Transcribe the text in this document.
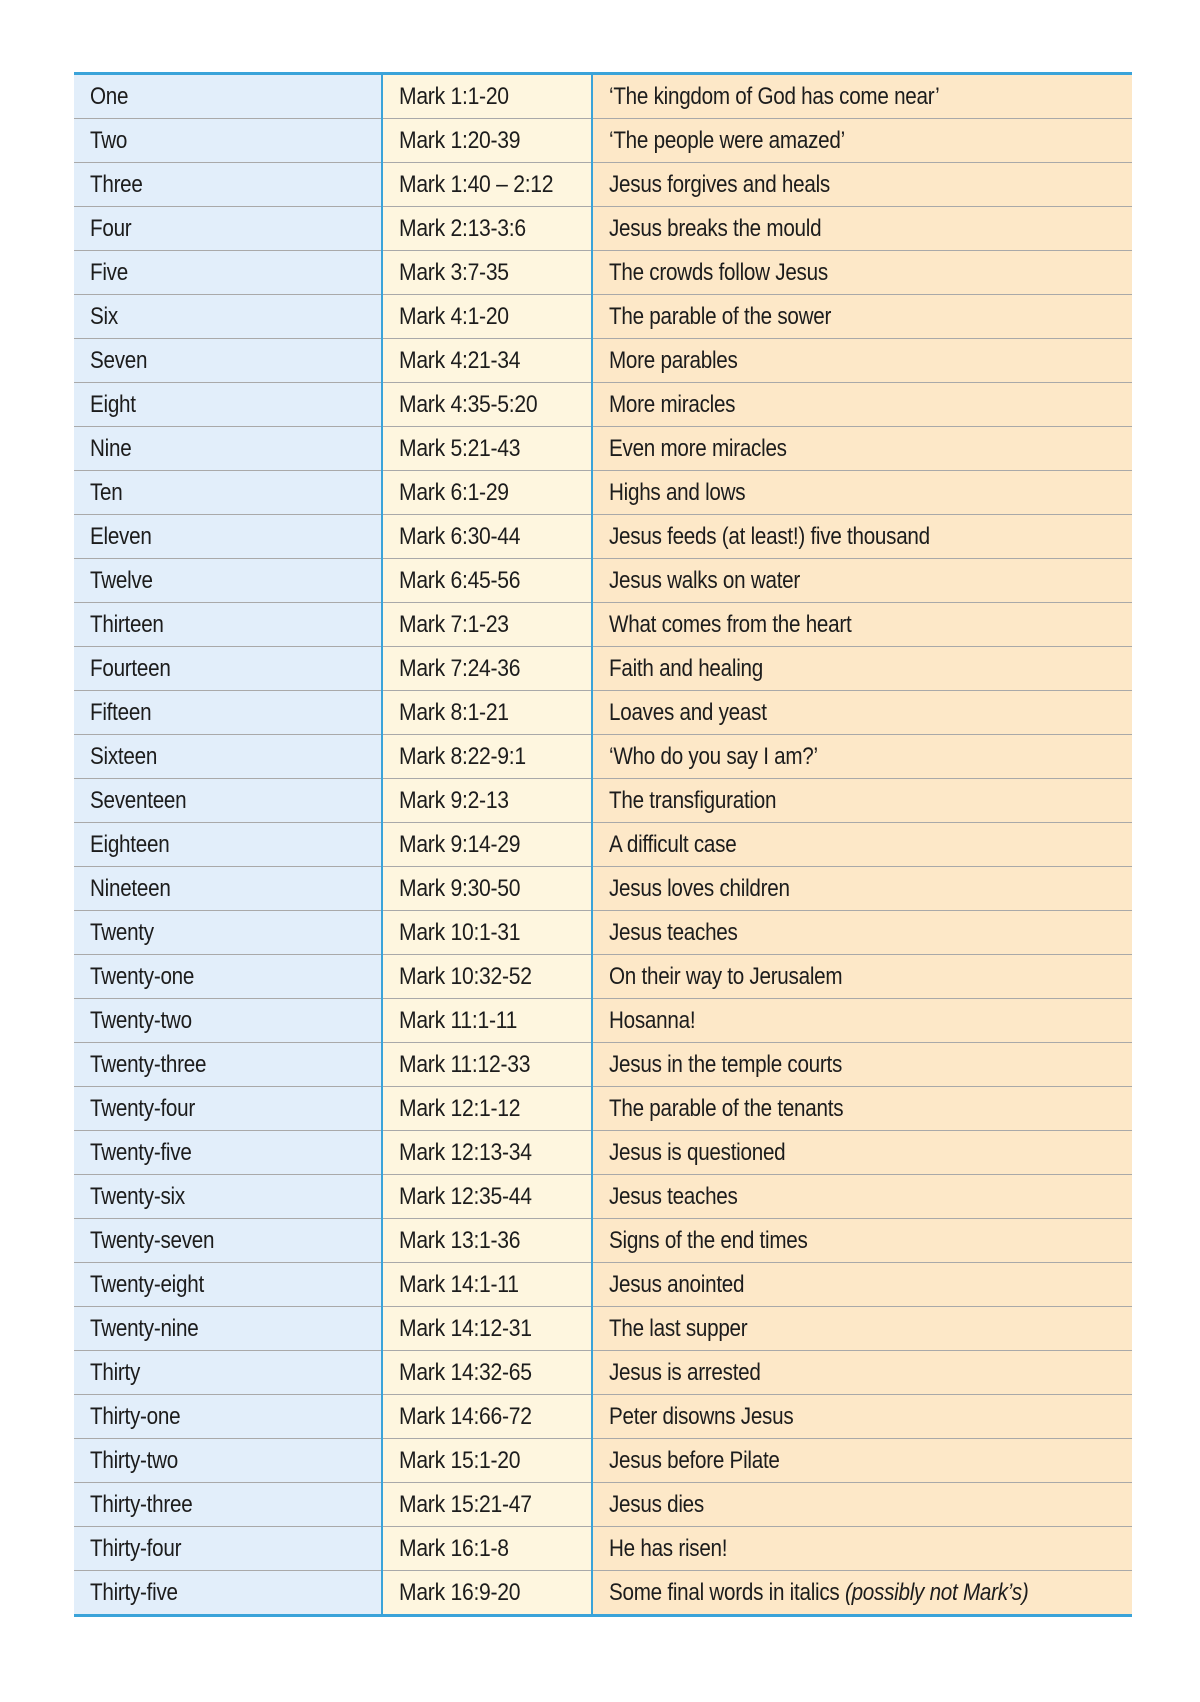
One	Mark 1:1-20	‘The kingdom of God has come near’
Two	Mark 1:20-39	‘The people were amazed’
Three	Mark 1:40 – 2:12	Jesus forgives and heals
Four	Mark 2:13-3:6	Jesus breaks the mould
Five	Mark 3:7-35	The crowds follow Jesus
Six	Mark 4:1-20	The parable of the sower
Seven	Mark 4:21-34	More parables
Eight	Mark 4:35-5:20	More miracles
Nine	Mark 5:21-43	Even more miracles
Ten	Mark 6:1-29	Highs and lows
Eleven	Mark 6:30-44	Jesus feeds (at least!) five thousand
Twelve	Mark 6:45-56	Jesus walks on water
Thirteen	Mark 7:1-23	What comes from the heart
Fourteen	Mark 7:24-36	Faith and healing
Fifteen	Mark 8:1-21	Loaves and yeast
Sixteen	Mark 8:22-9:1	‘Who do you say I am?’
Seventeen	Mark 9:2-13	The transfiguration
Eighteen	Mark 9:14-29	A difficult case
Nineteen	Mark 9:30-50	Jesus loves children
Twenty	Mark 10:1-31	Jesus teaches
Twenty-one	Mark 10:32-52	On their way to Jerusalem
Twenty-two	Mark 11:1-11	Hosanna!
Twenty-three	Mark 11:12-33	Jesus in the temple courts
Twenty-four	Mark 12:1-12	The parable of the tenants
Twenty-five	Mark 12:13-34	Jesus is questioned
Twenty-six	Mark 12:35-44	Jesus teaches
Twenty-seven	Mark 13:1-36	Signs of the end times
Twenty-eight	Mark 14:1-11	Jesus anointed
Twenty-nine	Mark 14:12-31	The last supper
Thirty	Mark 14:32-65	Jesus is arrested
Thirty-one	Mark 14:66-72	Peter disowns Jesus
Thirty-two	Mark 15:1-20	Jesus before Pilate
Thirty-three	Mark 15:21-47	Jesus dies
Thirty-four	Mark 16:1-8	He has risen!
Thirty-five	Mark 16:9-20	Some final words in italics (possibly not Mark’s)
